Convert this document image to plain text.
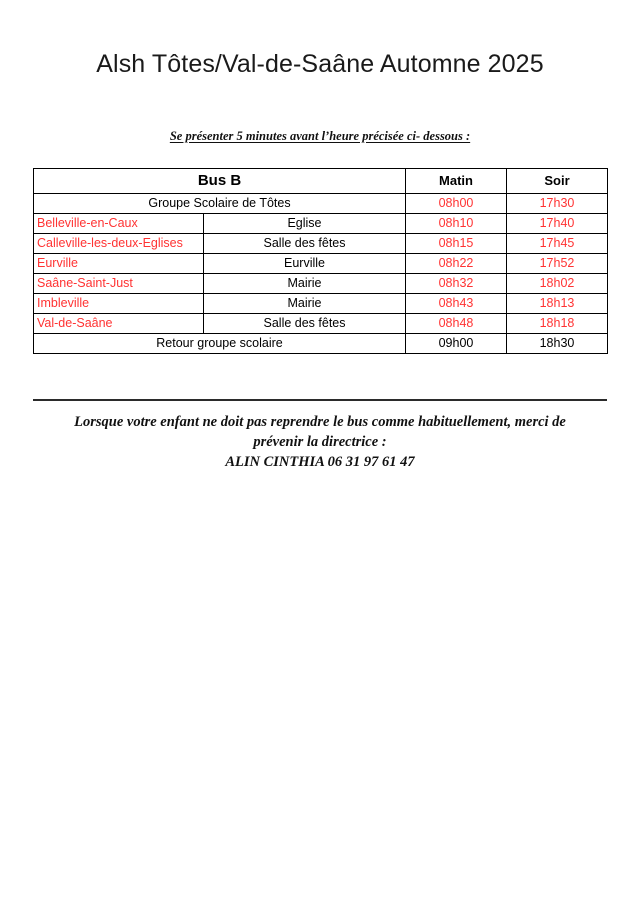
Alsh Tôtes/Val-de-Saâne Automne 2025
Se présenter 5 minutes avant l’heure précisée ci- dessous :
Bus B		Matin	Soir
Groupe Scolaire de Tôtes		08h00	17h30
Belleville-en-Caux	Eglise	08h10	17h40
Calleville-les-deux-Eglises	Salle des fêtes	08h15	17h45
Eurville	Eurville	08h22	17h52
Saâne-Saint-Just	Mairie	08h32	18h02
Imbleville	Mairie	08h43	18h13
Val-de-Saâne	Salle des fêtes	08h48	18h18
Retour groupe scolaire		09h00	18h30
Lorsque votre enfant ne doit pas reprendre le bus comme habituellement, merci de
prévenir la directrice :
ALIN CINTHIA 06 31 97 61 47
